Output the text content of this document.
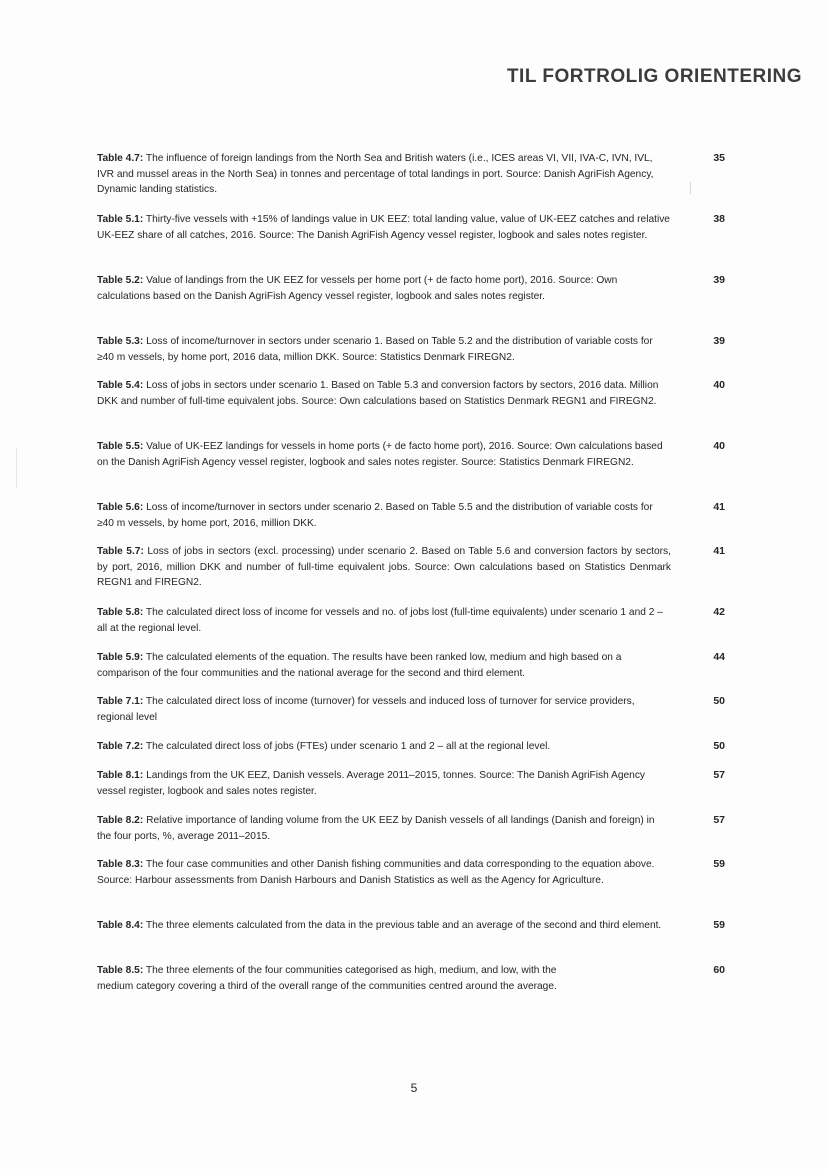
TIL FORTROLIG ORIENTERING
Table 4.7: The influence of foreign landings from the North Sea and British waters (i.e., ICES areas VI, VII, IVA-C, IVN, IVL, IVR and mussel areas in the North Sea) in tonnes and percentage of total landings in port. Source: Danish AgriFish Agency, Dynamic landing statistics.
35
Table 5.1: Thirty-five vessels with +15% of landings value in UK EEZ: total landing value, value of UK-EEZ catches and relative UK-EEZ share of all catches, 2016. Source: The Danish AgriFish Agency vessel register, logbook and sales notes register.
38
Table 5.2: Value of landings from the UK EEZ for vessels per home port (+ de facto home port), 2016. Source: Own calculations based on the Danish AgriFish Agency vessel register, logbook and sales notes register.
39
Table 5.3: Loss of income/turnover in sectors under scenario 1. Based on Table 5.2 and the distribution of variable costs for ≥40 m vessels, by home port, 2016 data, million DKK. Source: Statistics Denmark FIREGN2.
39
Table 5.4: Loss of jobs in sectors under scenario 1. Based on Table 5.3 and conversion factors by sectors, 2016 data. Million DKK and number of full-time equivalent jobs. Source: Own calculations based on Statistics Denmark REGN1 and FIREGN2.
40
Table 5.5: Value of UK-EEZ landings for vessels in home ports (+ de facto home port), 2016. Source: Own calculations based on the Danish AgriFish Agency vessel register, logbook and sales notes register. Source: Statistics Denmark FIREGN2.
40
Table 5.6: Loss of income/turnover in sectors under scenario 2. Based on Table 5.5 and the distribution of variable costs for ≥40 m vessels, by home port, 2016, million DKK.
41
Table 5.7: Loss of jobs in sectors (excl. processing) under scenario 2. Based on Table 5.6 and conversion factors by sectors, by port, 2016, million DKK and number of full-time equivalent jobs. Source: Own calculations based on Statistics Denmark REGN1 and FIREGN2.
41
Table 5.8: The calculated direct loss of income for vessels and no. of jobs lost (full-time equivalents) under scenario 1 and 2 – all at the regional level.
42
Table 5.9: The calculated elements of the equation. The results have been ranked low, medium and high based on a comparison of the four communities and the national average for the second and third element.
44
Table 7.1: The calculated direct loss of income (turnover) for vessels and induced loss of turnover for service providers, regional level
50
Table 7.2: The calculated direct loss of jobs (FTEs) under scenario 1 and 2 – all at the regional level.	50
Table 8.1: Landings from the UK EEZ, Danish vessels. Average 2011–2015, tonnes. Source: The Danish AgriFish Agency vessel register, logbook and sales notes register.
57
Table 8.2: Relative importance of landing volume from the UK EEZ by Danish vessels of all landings (Danish and foreign) in the four ports, %, average 2011–2015.
57
Table 8.3: The four case communities and other Danish fishing communities and data corresponding to the equation above. Source: Harbour assessments from Danish Harbours and Danish Statistics as well as the Agency for Agriculture.
59
Table 8.4: The three elements calculated from the data in the previous table and an average of the second and third element.	59
Table 8.5: The three elements of the four communities categorised as high, medium, and low, with the medium category covering a third of the overall range of the communities centred around the average.
60
5
